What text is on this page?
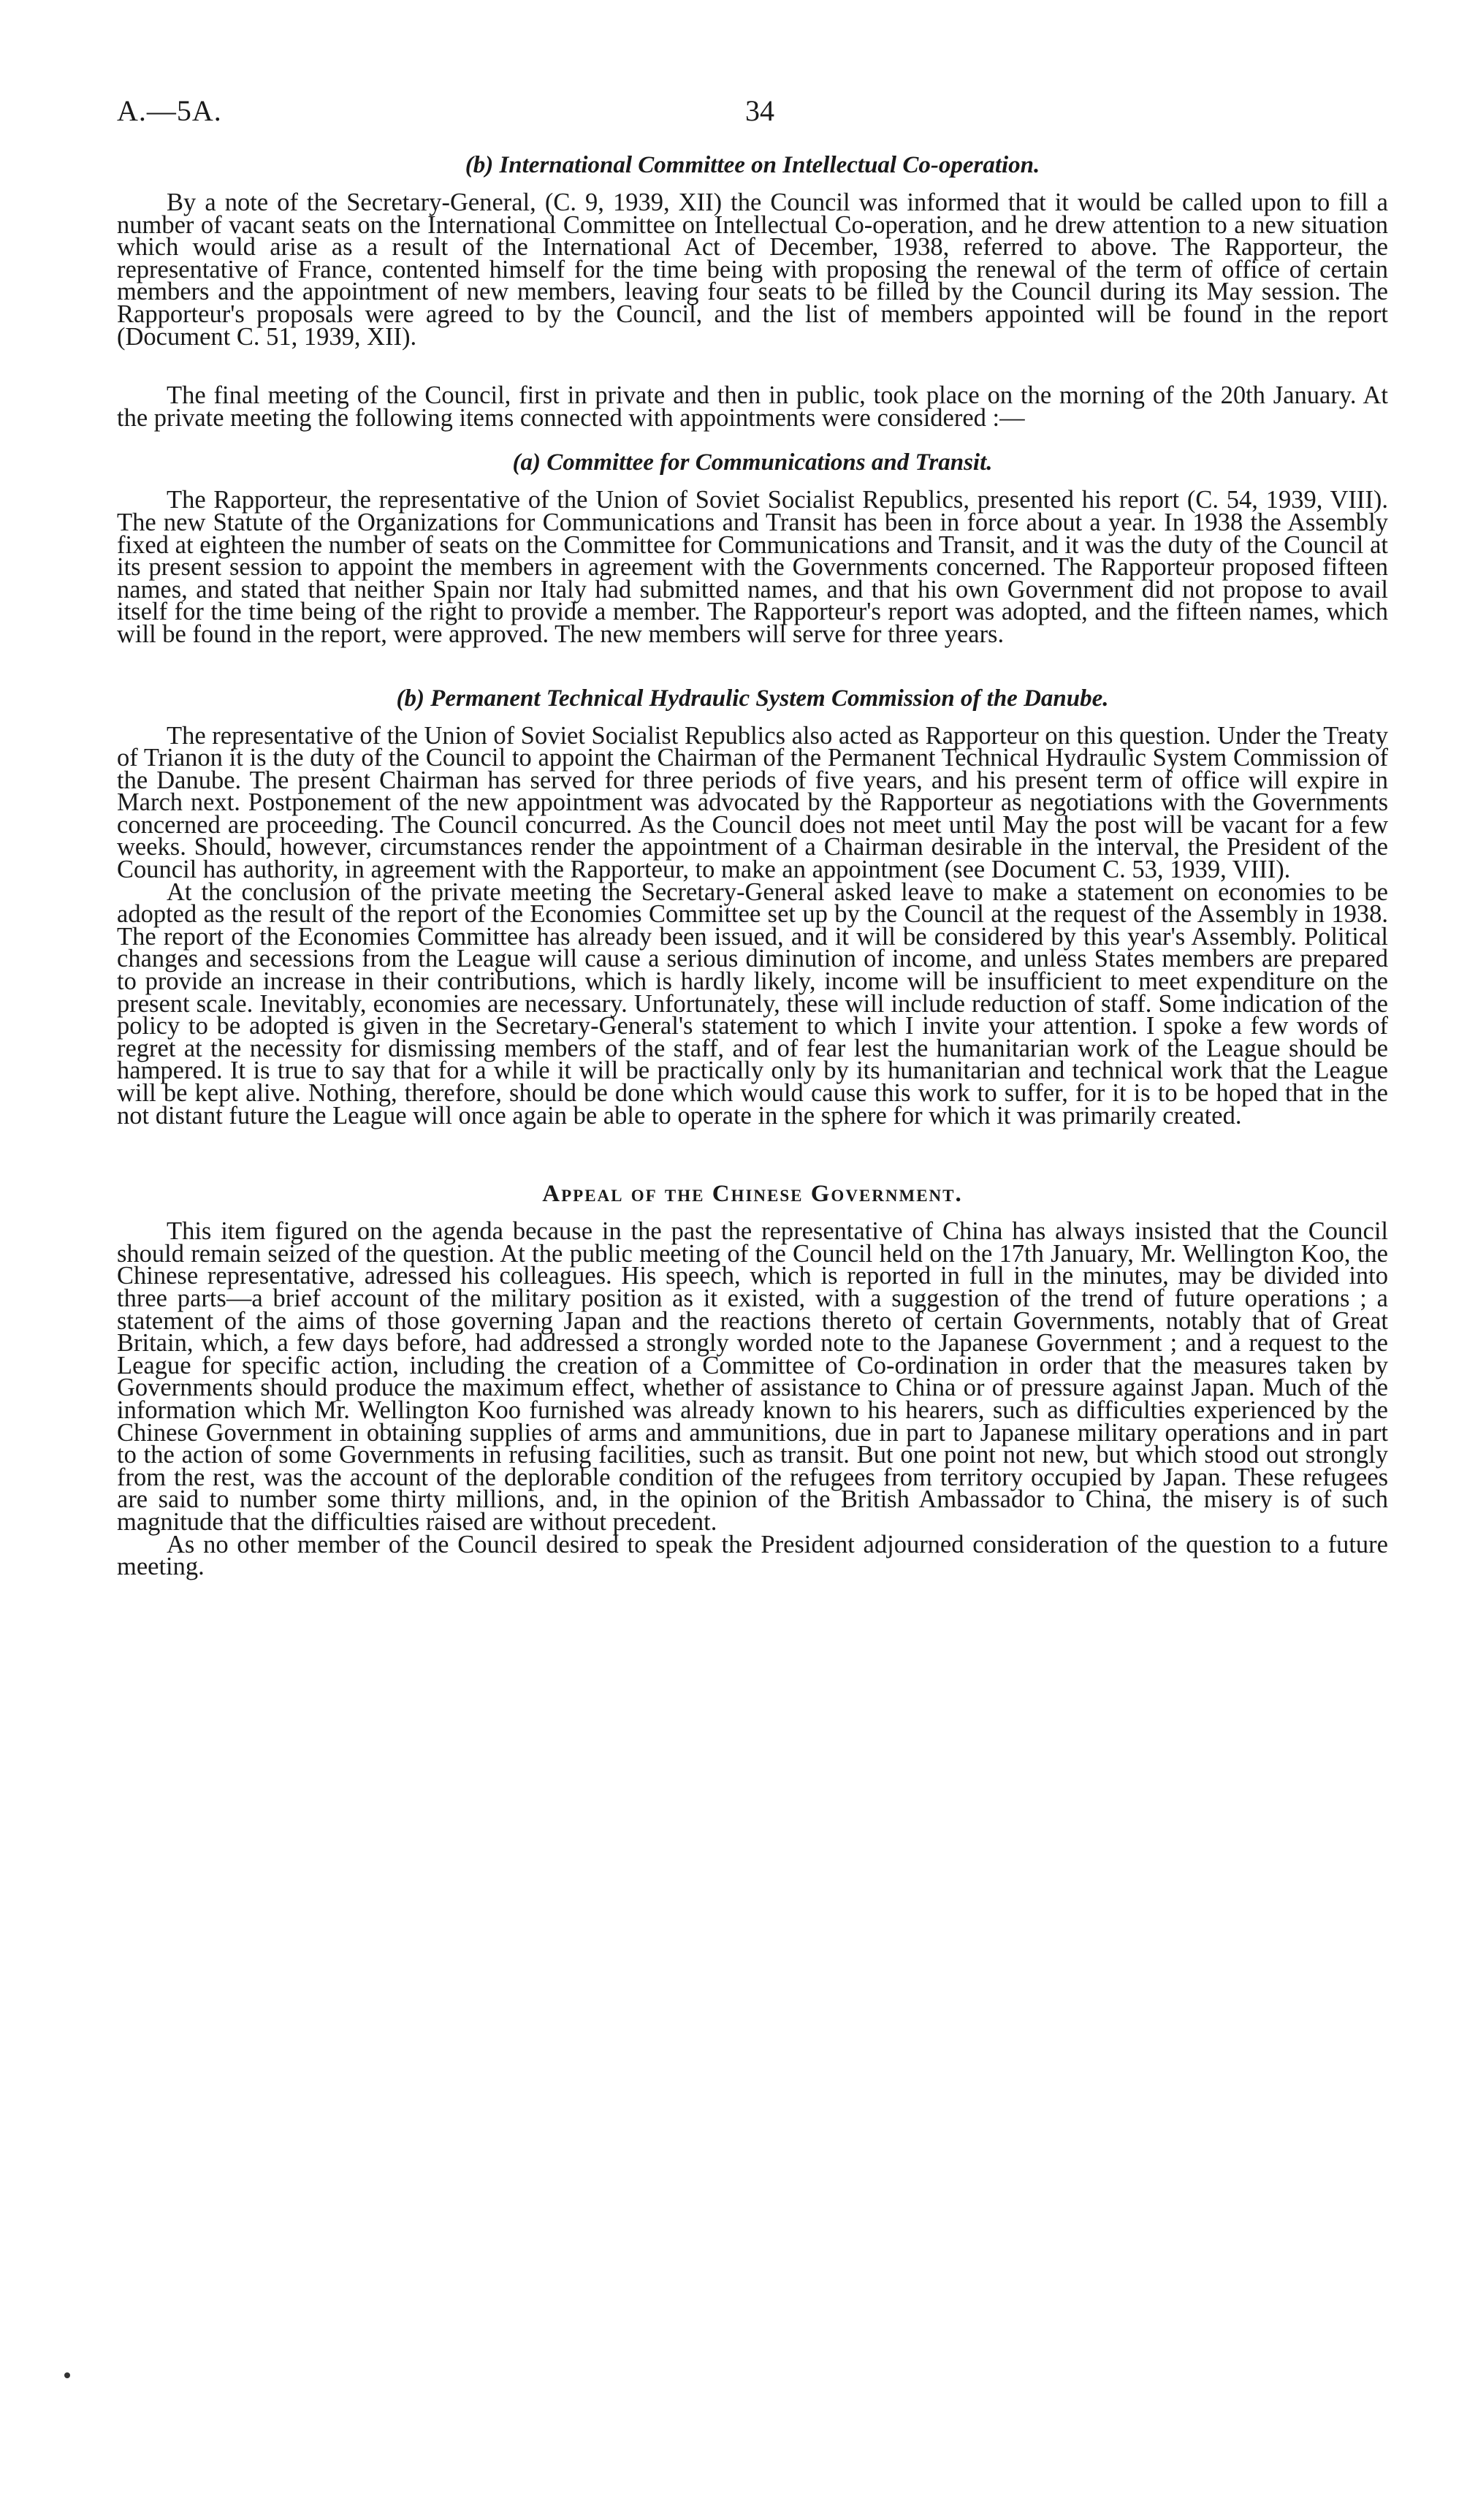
A.—5A.	34
(b) International Committee on Intellectual Co-operation.

By a note of the Secretary-General, (C. 9, 1939, XII) the Council was informed that it would be called upon to fill a number of vacant seats on the International Committee on Intellectual Co-operation, and he drew attention to a new situation which would arise as a result of the International Act of December, 1938, referred to above. The Rapporteur, the representative of France, contented himself for the time being with proposing the renewal of the term of office of certain members and the appointment of new members, leaving four seats to be filled by the Council during its May session. The Rapporteur's proposals were agreed to by the Council, and the list of members appointed will be found in the report (Document C. 51, 1939, XII).

The final meeting of the Council, first in private and then in public, took place on the morning of the 20th January. At the private meeting the following items connected with appointments were considered :—

(a) Committee for Communications and Transit.

The Rapporteur, the representative of the Union of Soviet Socialist Republics, presented his report (C. 54, 1939, VIII). The new Statute of the Organizations for Communications and Transit has been in force about a year. In 1938 the Assembly fixed at eighteen the number of seats on the Committee for Communications and Transit, and it was the duty of the Council at its present session to appoint the members in agreement with the Governments concerned. The Rapporteur proposed fifteen names, and stated that neither Spain nor Italy had submitted names, and that his own Government did not propose to avail itself for the time being of the right to provide a member. The Rapporteur's report was adopted, and the fifteen names, which will be found in the report, were approved. The new members will serve for three years.

(b) Permanent Technical Hydraulic System Commission of the Danube.

The representative of the Union of Soviet Socialist Republics also acted as Rapporteur on this question. Under the Treaty of Trianon it is the duty of the Council to appoint the Chairman of the Permanent Technical Hydraulic System Commission of the Danube. The present Chairman has served for three periods of five years, and his present term of office will expire in March next. Postponement of the new appointment was advocated by the Rapporteur as negotiations with the Governments concerned are proceeding. The Council concurred. As the Council does not meet until May the post will be vacant for a few weeks. Should, however, circumstances render the appointment of a Chairman desirable in the interval, the President of the Council has authority, in agreement with the Rapporteur, to make an appointment (see Document C. 53, 1939, VIII).

At the conclusion of the private meeting the Secretary-General asked leave to make a statement on economies to be adopted as the result of the report of the Economies Committee set up by the Council at the request of the Assembly in 1938. The report of the Economies Committee has already been issued, and it will be considered by this year's Assembly. Political changes and secessions from the League will cause a serious diminution of income, and unless States members are prepared to provide an increase in their contributions, which is hardly likely, income will be insufficient to meet expenditure on the present scale. Inevitably, economies are necessary. Unfortunately, these will include reduction of staff. Some indication of the policy to be adopted is given in the Secretary-General's statement to which I invite your attention. I spoke a few words of regret at the necessity for dismissing members of the staff, and of fear lest the humanitarian work of the League should be hampered. It is true to say that for a while it will be practically only by its humanitarian and technical work that the League will be kept alive. Nothing, therefore, should be done which would cause this work to suffer, for it is to be hoped that in the not distant future the League will once again be able to operate in the sphere for which it was primarily created.

Appeal of the Chinese Government.

This item figured on the agenda because in the past the representative of China has always insisted that the Council should remain seized of the question. At the public meeting of the Council held on the 17th January, Mr. Wellington Koo, the Chinese representative, adressed his colleagues. His speech, which is reported in full in the minutes, may be divided into three parts—a brief account of the military position as it existed, with a suggestion of the trend of future operations ; a statement of the aims of those governing Japan and the reactions thereto of certain Governments, notably that of Great Britain, which, a few days before, had addressed a strongly worded note to the Japanese Government ; and a request to the League for specific action, including the creation of a Committee of Co-ordination in order that the measures taken by Governments should produce the maximum effect, whether of assistance to China or of pressure against Japan. Much of the information which Mr. Wellington Koo furnished was already known to his hearers, such as difficulties experienced by the Chinese Government in obtaining supplies of arms and ammunitions, due in part to Japanese military operations and in part to the action of some Governments in refusing facilities, such as transit. But one point not new, but which stood out strongly from the rest, was the account of the deplorable condition of the refugees from territory occupied by Japan. These refugees are said to number some thirty millions, and, in the opinion of the British Ambassador to China, the misery is of such magnitude that the difficulties raised are without precedent.

As no other member of the Council desired to speak the President adjourned consideration of the question to a future meeting.
